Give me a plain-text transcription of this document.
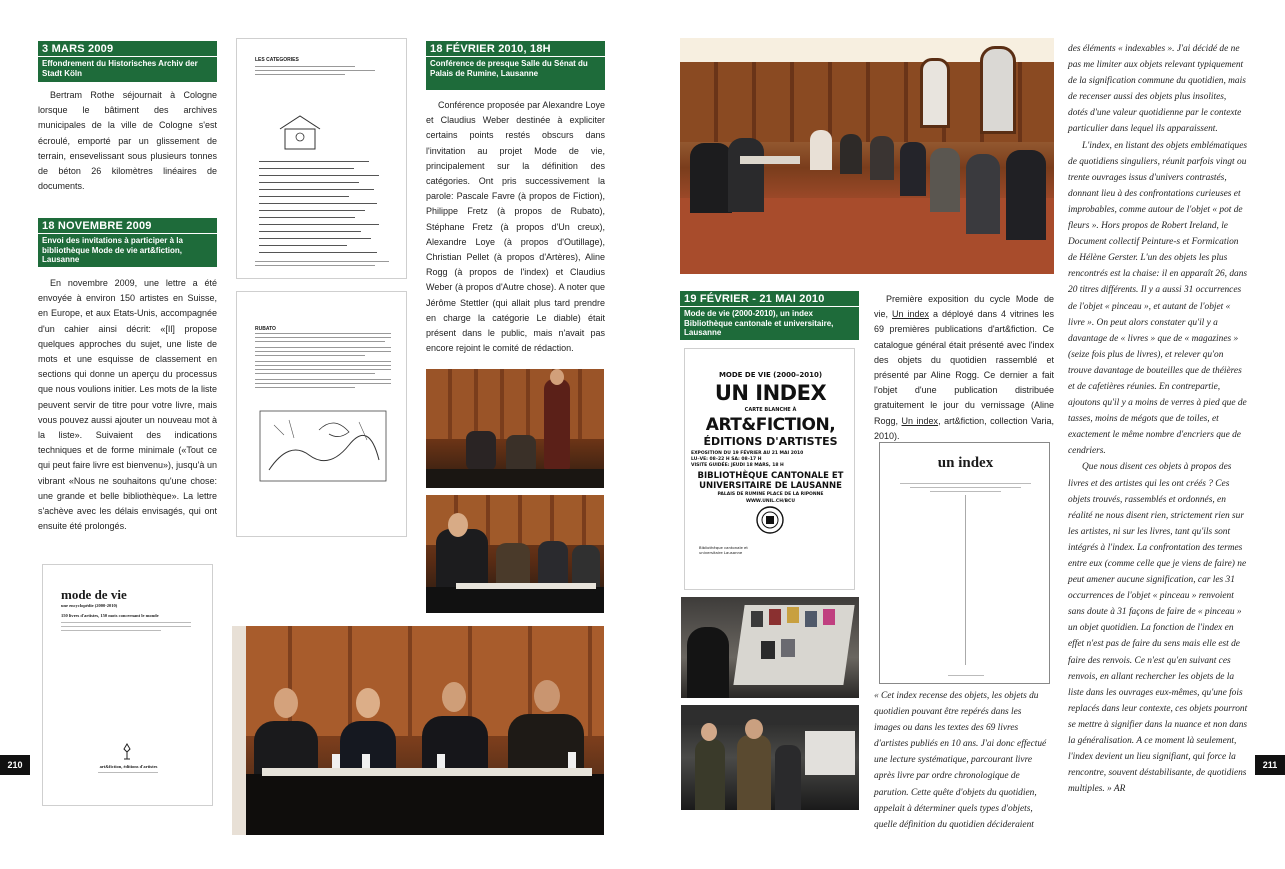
3 MARS 2009
Effondrement du Historisches Archiv der Stadt Köln

Bertram Rothe séjournait à Cologne lorsque le bâtiment des archives municipales de la ville de Cologne s'est écroulé, emporté par un glissement de terrain, ensevelissant sous plusieurs tonnes de béton 26 kilomètres linéaires de documents.

18 NOVEMBRE 2009
Envoi des invitations à participer à la bibliothèque Mode de vie art&fiction, Lausanne

En novembre 2009, une lettre a été envoyée à environ 150 artistes en Suisse, en Europe, et aux Etats-Unis, accompagnée d'un cahier ainsi décrit: «[Il] propose quelques approches du sujet, une liste de mots et une esquisse de classement en sections qui donne un aperçu du processus que nous voulions initier. Les mots de la liste peuvent servir de titre pour votre livre, mais vous pouvez aussi ajouter un nouveau mot à la liste». Suivaient des indications techniques et de forme minimale («Tout ce qui peut faire livre est bienvenu»), jusqu'à un vibrant «Nous ne souhaitons qu'une chose: une grande et belle bibliothèque». La lettre s'achève avec les délais envisagés, qui ont ensuite été prolongés.

LES CATEGORIES
RUBATO
18 FÉVRIER 2010, 18H
Conférence de presque Salle du Sénat du Palais de Rumine, Lausanne

Conférence proposée par Alexandre Loye et Claudius Weber destinée à expliciter certains points restés obscurs dans l'invitation au projet Mode de vie, principalement sur la définition des catégories. Ont pris successivement la parole: Pascale Favre (à propos de Fiction), Philippe Fretz (à propos de Rubato), Stéphane Fretz (à propos d'Un creux), Alexandre Loye (à propos d'Outillage), Christian Pellet (à propos d'Artères), Aline Rogg (à propos de l'index) et Claudius Weber (à propos d'Autre chose). A noter que Jérôme Stettler (qui allait plus tard prendre en charge la catégorie Le diable) était présent dans le public, mais n'avait pas encore rejoint le comité de rédaction.

mode de vie
une encyclopédie (2000-2010)
150 livres d'artistes, 150 mots concernant le monde
art&fiction, éditions d'artistes
210

des éléments « indexables ». J'ai décidé de ne pas me limiter aux objets relevant typiquement de la signification commune du quotidien, mais de recenser aussi des objets plus insolites, dotés d'une valeur quotidienne par le contexte particulier dans lequel ils apparaissent.

L'index, en listant des objets emblématiques de quotidiens singuliers, réunit parfois vingt ou trente ouvrages issus d'univers contrastés, donnant lieu à des confrontations curieuses et improbables, comme autour de l'objet « pot de fleurs ». Hors propos de Robert Ireland, le Document collectif Peinture-s et Formication de Hélène Gerster. L'un des objets les plus rencontrés est la chaise: il en apparaît 26, dans 20 titres différents. Il y a aussi 31 occurrences de l'objet « pinceau », et autant de l'objet « livre ». On peut alors constater qu'il y a davantage de « livres » que de « magazines » (seize fois plus de livres), et relever qu'on trouve davantage de bouteilles que de théières et de cafetières réunies. En contrepartie, ajoutons qu'il y a moins de verres à pied que de tasses, moins de mégots que de toiles, et exactement le même nombre d'encriers que de cendriers.

Que nous disent ces objets à propos des livres et des artistes qui les ont créés ? Ces objets trouvés, rassemblés et ordonnés, en réalité ne nous disent rien, strictement rien sur les artistes, ni sur les livres, tant qu'ils sont intégrés à l'index. La confrontation des termes entre eux (comme celle que je viens de faire) ne peut amener aucune signification, car les 31 occurrences de l'objet « pinceau » renvoient sans doute à 31 façons de faire de « pinceau » un objet quotidien. La fonction de l'index en effet n'est pas de faire du sens mais elle est de faire des renvois. Ce n'est qu'en suivant ces renvois, en allant rechercher les objets de la liste dans les ouvrages eux-mêmes, qu'une fois replacés dans leur contexte, ces objets pourront se mettre à signifier dans la nuance et non dans la généralisation. A ce moment là seulement, l'index devient un lieu signifiant, qui force la rencontre, souvent déstabilisante, de quotidiens multiples. » AR

19 FÉVRIER - 21 MAI 2010
Mode de vie (2000-2010), un index Bibliothèque cantonale et universitaire, Lausanne

Première exposition du cycle Mode de vie, Un index a déployé dans 4 vitrines les 69 premières publications d'art&fiction. Ce catalogue général était présenté avec l'index des objets du quotidien rassemblé et présenté par Aline Rogg. Ce dernier a fait l'objet d'une publication distribuée gratuitement le jour du vernissage (Aline Rogg, Un index, art&fiction, collection Varia, 2010).

MODE DE VIE (2000–2010)
UN INDEX
CARTE BLANCHE À
ART&FICTION,
ÉDITIONS D'ARTISTES
EXPOSITION DU 19 FÉVRIER AU 21 MAI 2010
LU–VE: 08–22 H SA: 08–17 H
VISITE GUIDÉE: JEUDI 18 MARS, 18 H
BIBLIOTHÈQUE CANTONALE ET
UNIVERSITAIRE DE LAUSANNE
PALAIS DE RUMINE PLACE DE LA RIPONNE
WWW.UNIL.CH/BCU
Bibliothèque cantonale et universitaire Lausanne
un index

« Cet index recense des objets, les objets du quotidien pouvant être repérés dans les images ou dans les textes des 69 livres d'artistes publiés en 10 ans. J'ai donc effectué une lecture systématique, parcourant livre après livre par ordre chronologique de parution. Cette quête d'objets du quotidien, appelait à déterminer quels types d'objets, quelle définition du quotidien décideraient

211
